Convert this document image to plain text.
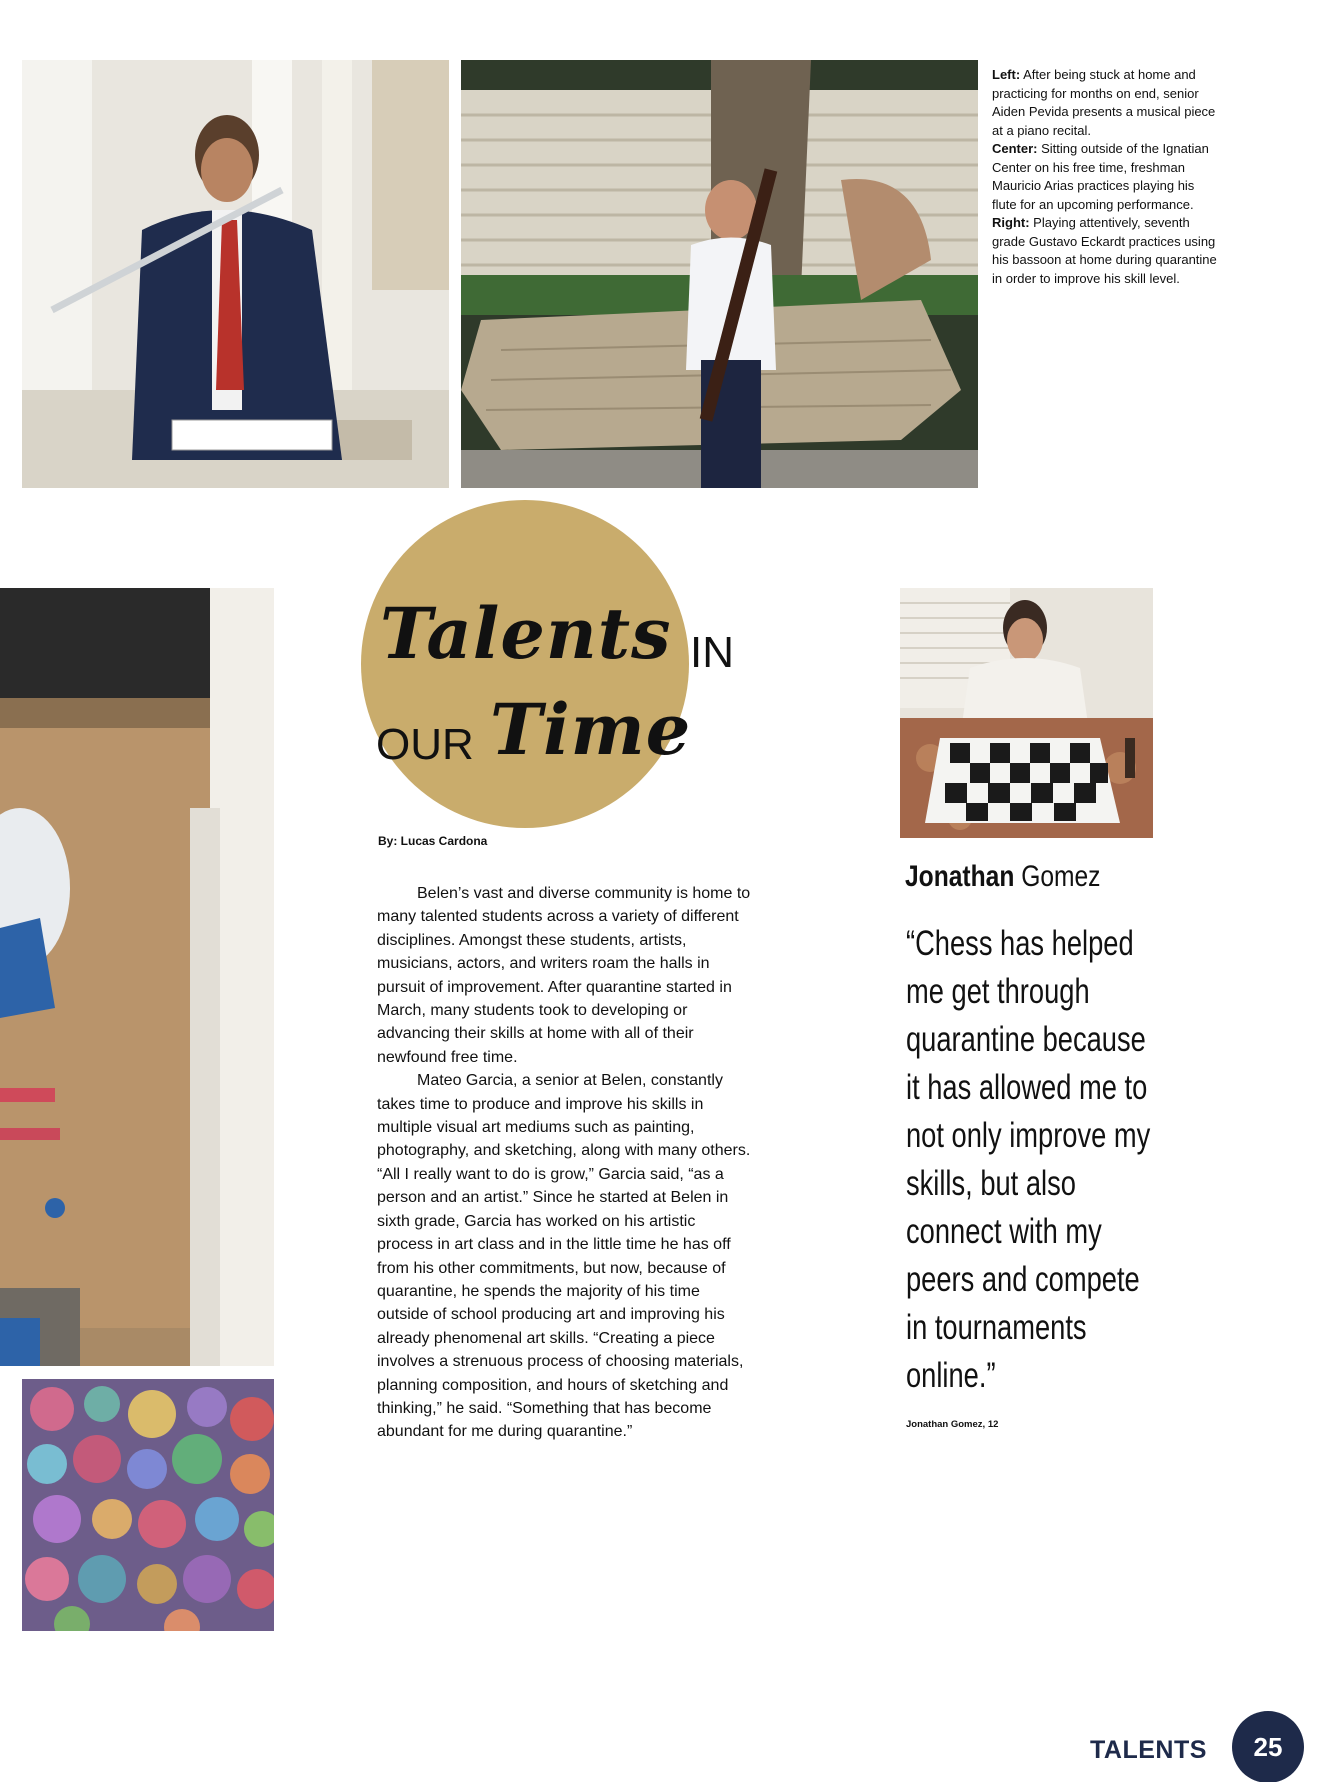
Left: After being stuck at home and practicing for months on end, senior Aiden Pevida presents a musical piece at a piano recital.
Center: Sitting outside of the Ignatian Center on his free time, freshman Mauricio Arias practices playing his flute for an upcoming performance.
Right: Playing attentively, seventh grade Gustavo Eckardt practices using his bassoon at home during quarantine in order to improve his skill level.
Talents IN
OUR Time
By: Lucas Cardona

Belen’s vast and diverse community is home to many talented students across a variety of different disciplines. Amongst these students, artists, musicians, actors, and writers roam the halls in pursuit of improvement. After quarantine started in March, many students took to developing or advancing their skills at home with all of their newfound free time.

Mateo Garcia, a senior at Belen, constantly takes time to produce and improve his skills in multiple visual art mediums such as painting, photography, and sketching, along with many others. “All I really want to do is grow,” Garcia said, “as a person and an artist.” Since he started at Belen in sixth grade, Garcia has worked on his artistic process in art class and in the little time he has off from his other commitments, but now, because of quarantine, he spends the majority of his time outside of school producing art and improving his already phenomenal art skills. “Creating a piece involves a strenuous process of choosing materials, planning composition, and hours of sketching and thinking,” he said. “Something that has become abundant for me during quarantine.”

Jonathan Gomez
“Chess has helped me get through quarantine because it has allowed me to not only improve my skills, but also connect with my peers and compete in tournaments online.”
Jonathan Gomez, 12
TALENTS 25
